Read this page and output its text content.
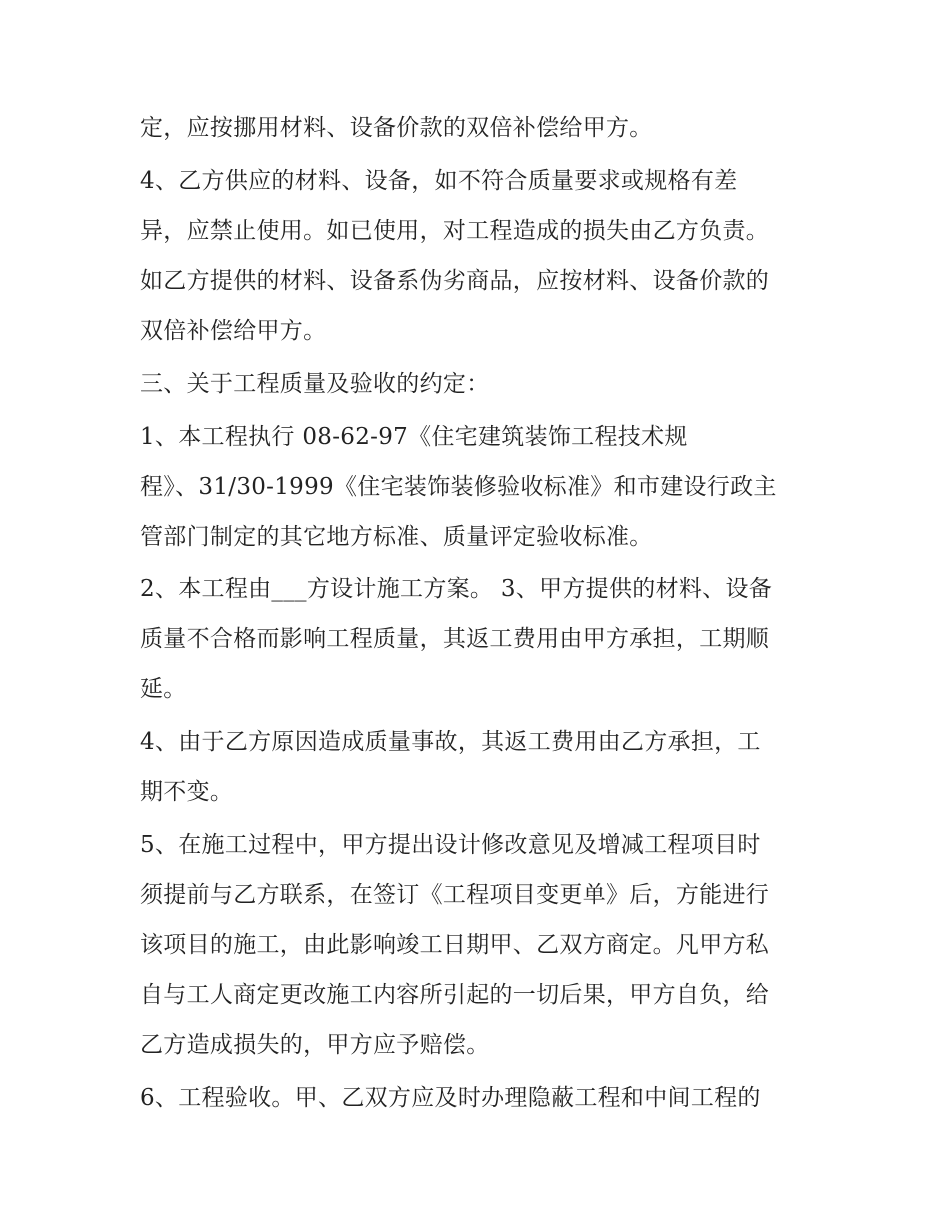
定，应按挪用材料、设备价款的双倍补偿给甲方。

4、乙方供应的材料、设备，如不符合质量要求或规格有差

异，应禁止使用。如已使用，对工程造成的损失由乙方负责。

如乙方提供的材料、设备系伪劣商品，应按材料、设备价款的

双倍补偿给甲方。

三、关于工程质量及验收的约定：

1、本工程执行 08-62-97《住宅建筑装饰工程技术规

程》、31/30-1999《住宅装饰装修验收标准》和市建设行政主

管部门制定的其它地方标准、质量评定验收标准。

2、本工程由___方设计施工方案。 3、甲方提供的材料、设备

质量不合格而影响工程质量，其返工费用由甲方承担，工期顺

延。

4、由于乙方原因造成质量事故，其返工费用由乙方承担，工

期不变。

5、在施工过程中，甲方提出设计修改意见及增减工程项目时

须提前与乙方联系，在签订《工程项目变更单》后，方能进行

该项目的施工，由此影响竣工日期甲、乙双方商定。凡甲方私

自与工人商定更改施工内容所引起的一切后果，甲方自负，给

乙方造成损失的，甲方应予赔偿。

6、工程验收。甲、乙双方应及时办理隐蔽工程和中间工程的
